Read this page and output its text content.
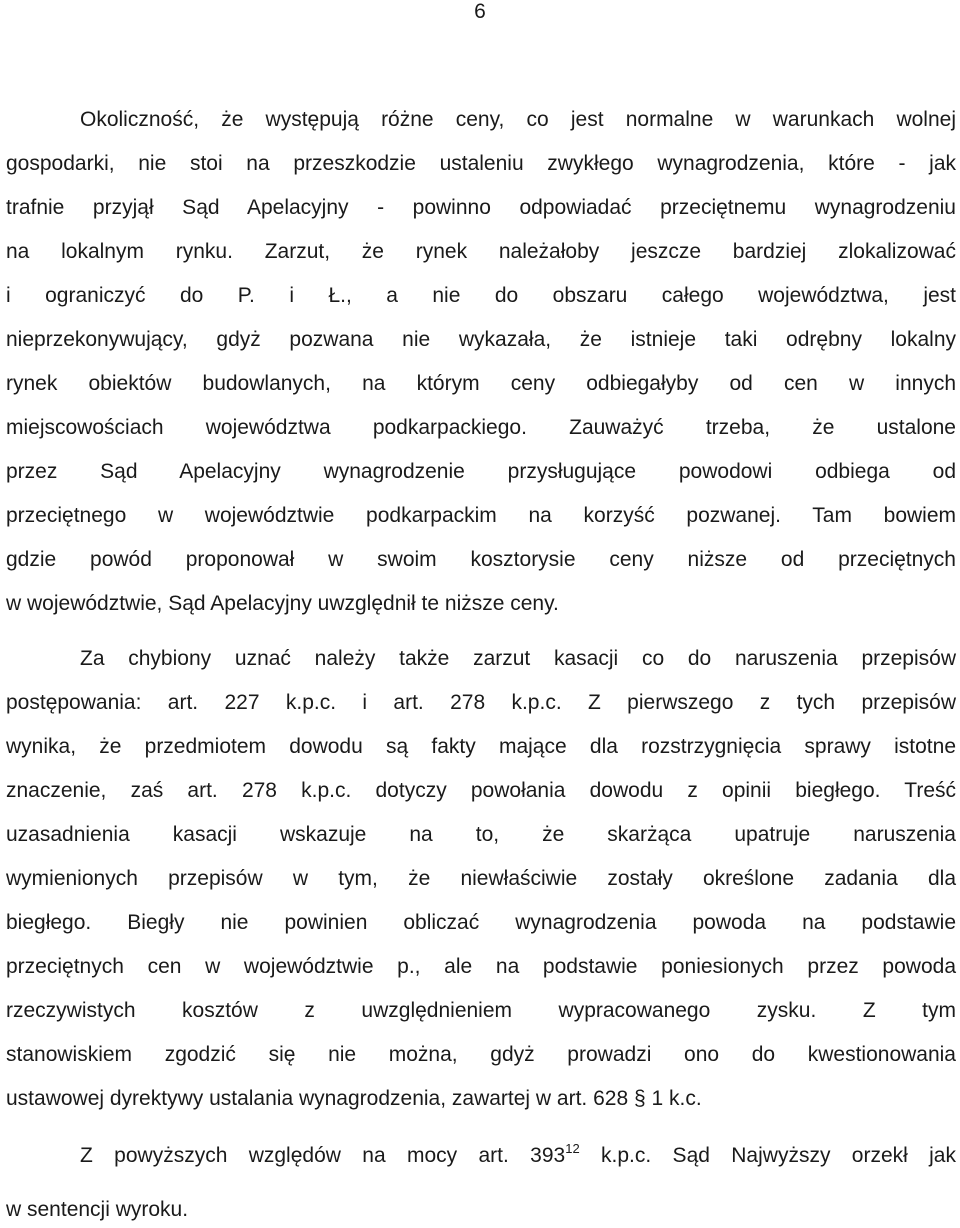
6
Okoliczność, że występują różne ceny, co jest normalne w warunkach wolnej
gospodarki, nie stoi na przeszkodzie ustaleniu zwykłego wynagrodzenia, które - jak
trafnie przyjął Sąd Apelacyjny - powinno odpowiadać przeciętnemu wynagrodzeniu
na lokalnym rynku. Zarzut, że rynek należałoby jeszcze bardziej zlokalizować
i ograniczyć do P. i Ł., a nie do obszaru całego województwa, jest
nieprzekonywujący, gdyż pozwana nie wykazała, że istnieje taki odrębny lokalny
rynek obiektów budowlanych, na którym ceny odbiegałyby od cen w innych
miejscowościach województwa podkarpackiego. Zauważyć trzeba, że ustalone
przez Sąd Apelacyjny wynagrodzenie przysługujące powodowi odbiega od
przeciętnego w województwie podkarpackim na korzyść pozwanej. Tam bowiem
gdzie powód proponował w swoim kosztorysie ceny niższe od przeciętnych
w województwie, Sąd Apelacyjny uwzględnił te niższe ceny.
Za chybiony uznać należy także zarzut kasacji co do naruszenia przepisów
postępowania: art. 227 k.p.c. i art. 278 k.p.c. Z pierwszego z tych przepisów
wynika, że przedmiotem dowodu są fakty mające dla rozstrzygnięcia sprawy istotne
znaczenie, zaś art. 278 k.p.c. dotyczy powołania dowodu z opinii biegłego. Treść
uzasadnienia kasacji wskazuje na to, że skarżąca upatruje naruszenia
wymienionych przepisów w tym, że niewłaściwie zostały określone zadania dla
biegłego. Biegły nie powinien obliczać wynagrodzenia powoda na podstawie
przeciętnych cen w województwie p., ale na podstawie poniesionych przez powoda
rzeczywistych kosztów z uwzględnieniem wypracowanego zysku. Z tym
stanowiskiem zgodzić się nie można, gdyż prowadzi ono do kwestionowania
ustawowej dyrektywy ustalania wynagrodzenia, zawartej w art. 628 § 1 k.c.
Z powyższych względów na mocy art. $393^{12}$ k.p.c. Sąd Najwyższy orzekł jak
w sentencji wyroku.
